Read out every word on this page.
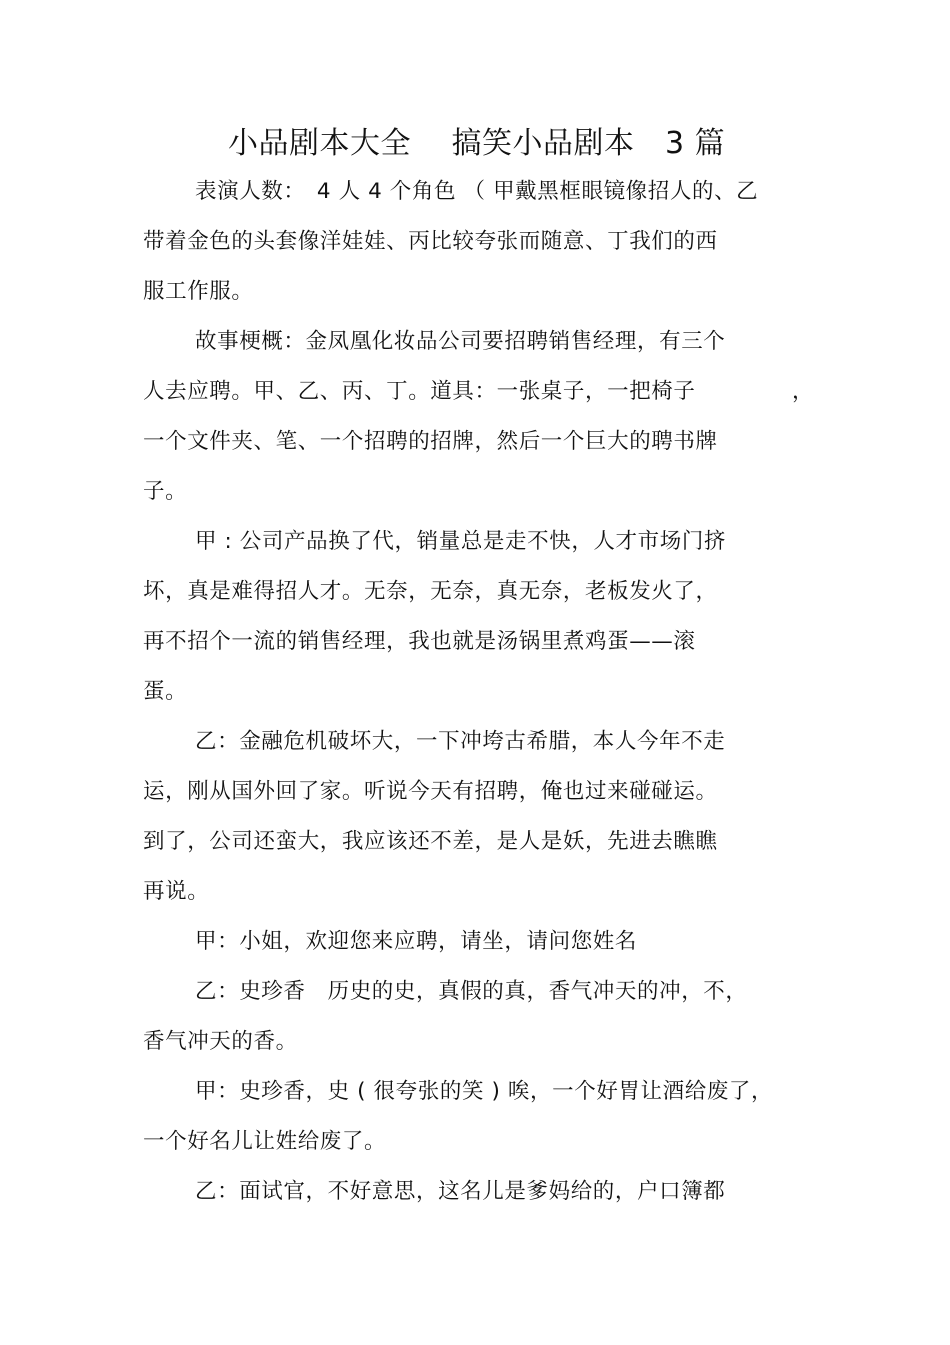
小品剧本大全　 搞笑小品剧本　3 篇
表演人数：　4 人 4 个角色 （ 甲戴黑框眼镜像招人的、乙
带着金色的头套像洋娃娃、丙比较夸张而随意、丁我们的西
服工作服。
故事梗概：金凤凰化妆品公司要招聘销售经理，有三个
人去应聘。甲、乙、丙、丁。道具：一张桌子，一把椅子	，
一个文件夹、笔、一个招聘的招牌，然后一个巨大的聘书牌
子。
甲 : 公司产品换了代，销量总是走不快，人才市场门挤
坏，真是难得招人才。无奈，无奈，真无奈，老板发火了，
再不招个一流的销售经理，我也就是汤锅里煮鸡蛋——滚
蛋。
乙：金融危机破坏大，一下冲垮古希腊，本人今年不走
运，刚从国外回了家。听说今天有招聘，俺也过来碰碰运。
到了，公司还蛮大，我应该还不差，是人是妖，先进去瞧瞧
再说。
甲：小姐，欢迎您来应聘，请坐，请问您姓名
乙：史珍香　历史的史，真假的真，香气冲天的冲，不，
香气冲天的香。
甲：史珍香，史 ( 很夸张的笑 ) 唉，一个好胃让酒给废了，
一个好名儿让姓给废了。
乙：面试官，不好意思，这名儿是爹妈给的，户口簿都
